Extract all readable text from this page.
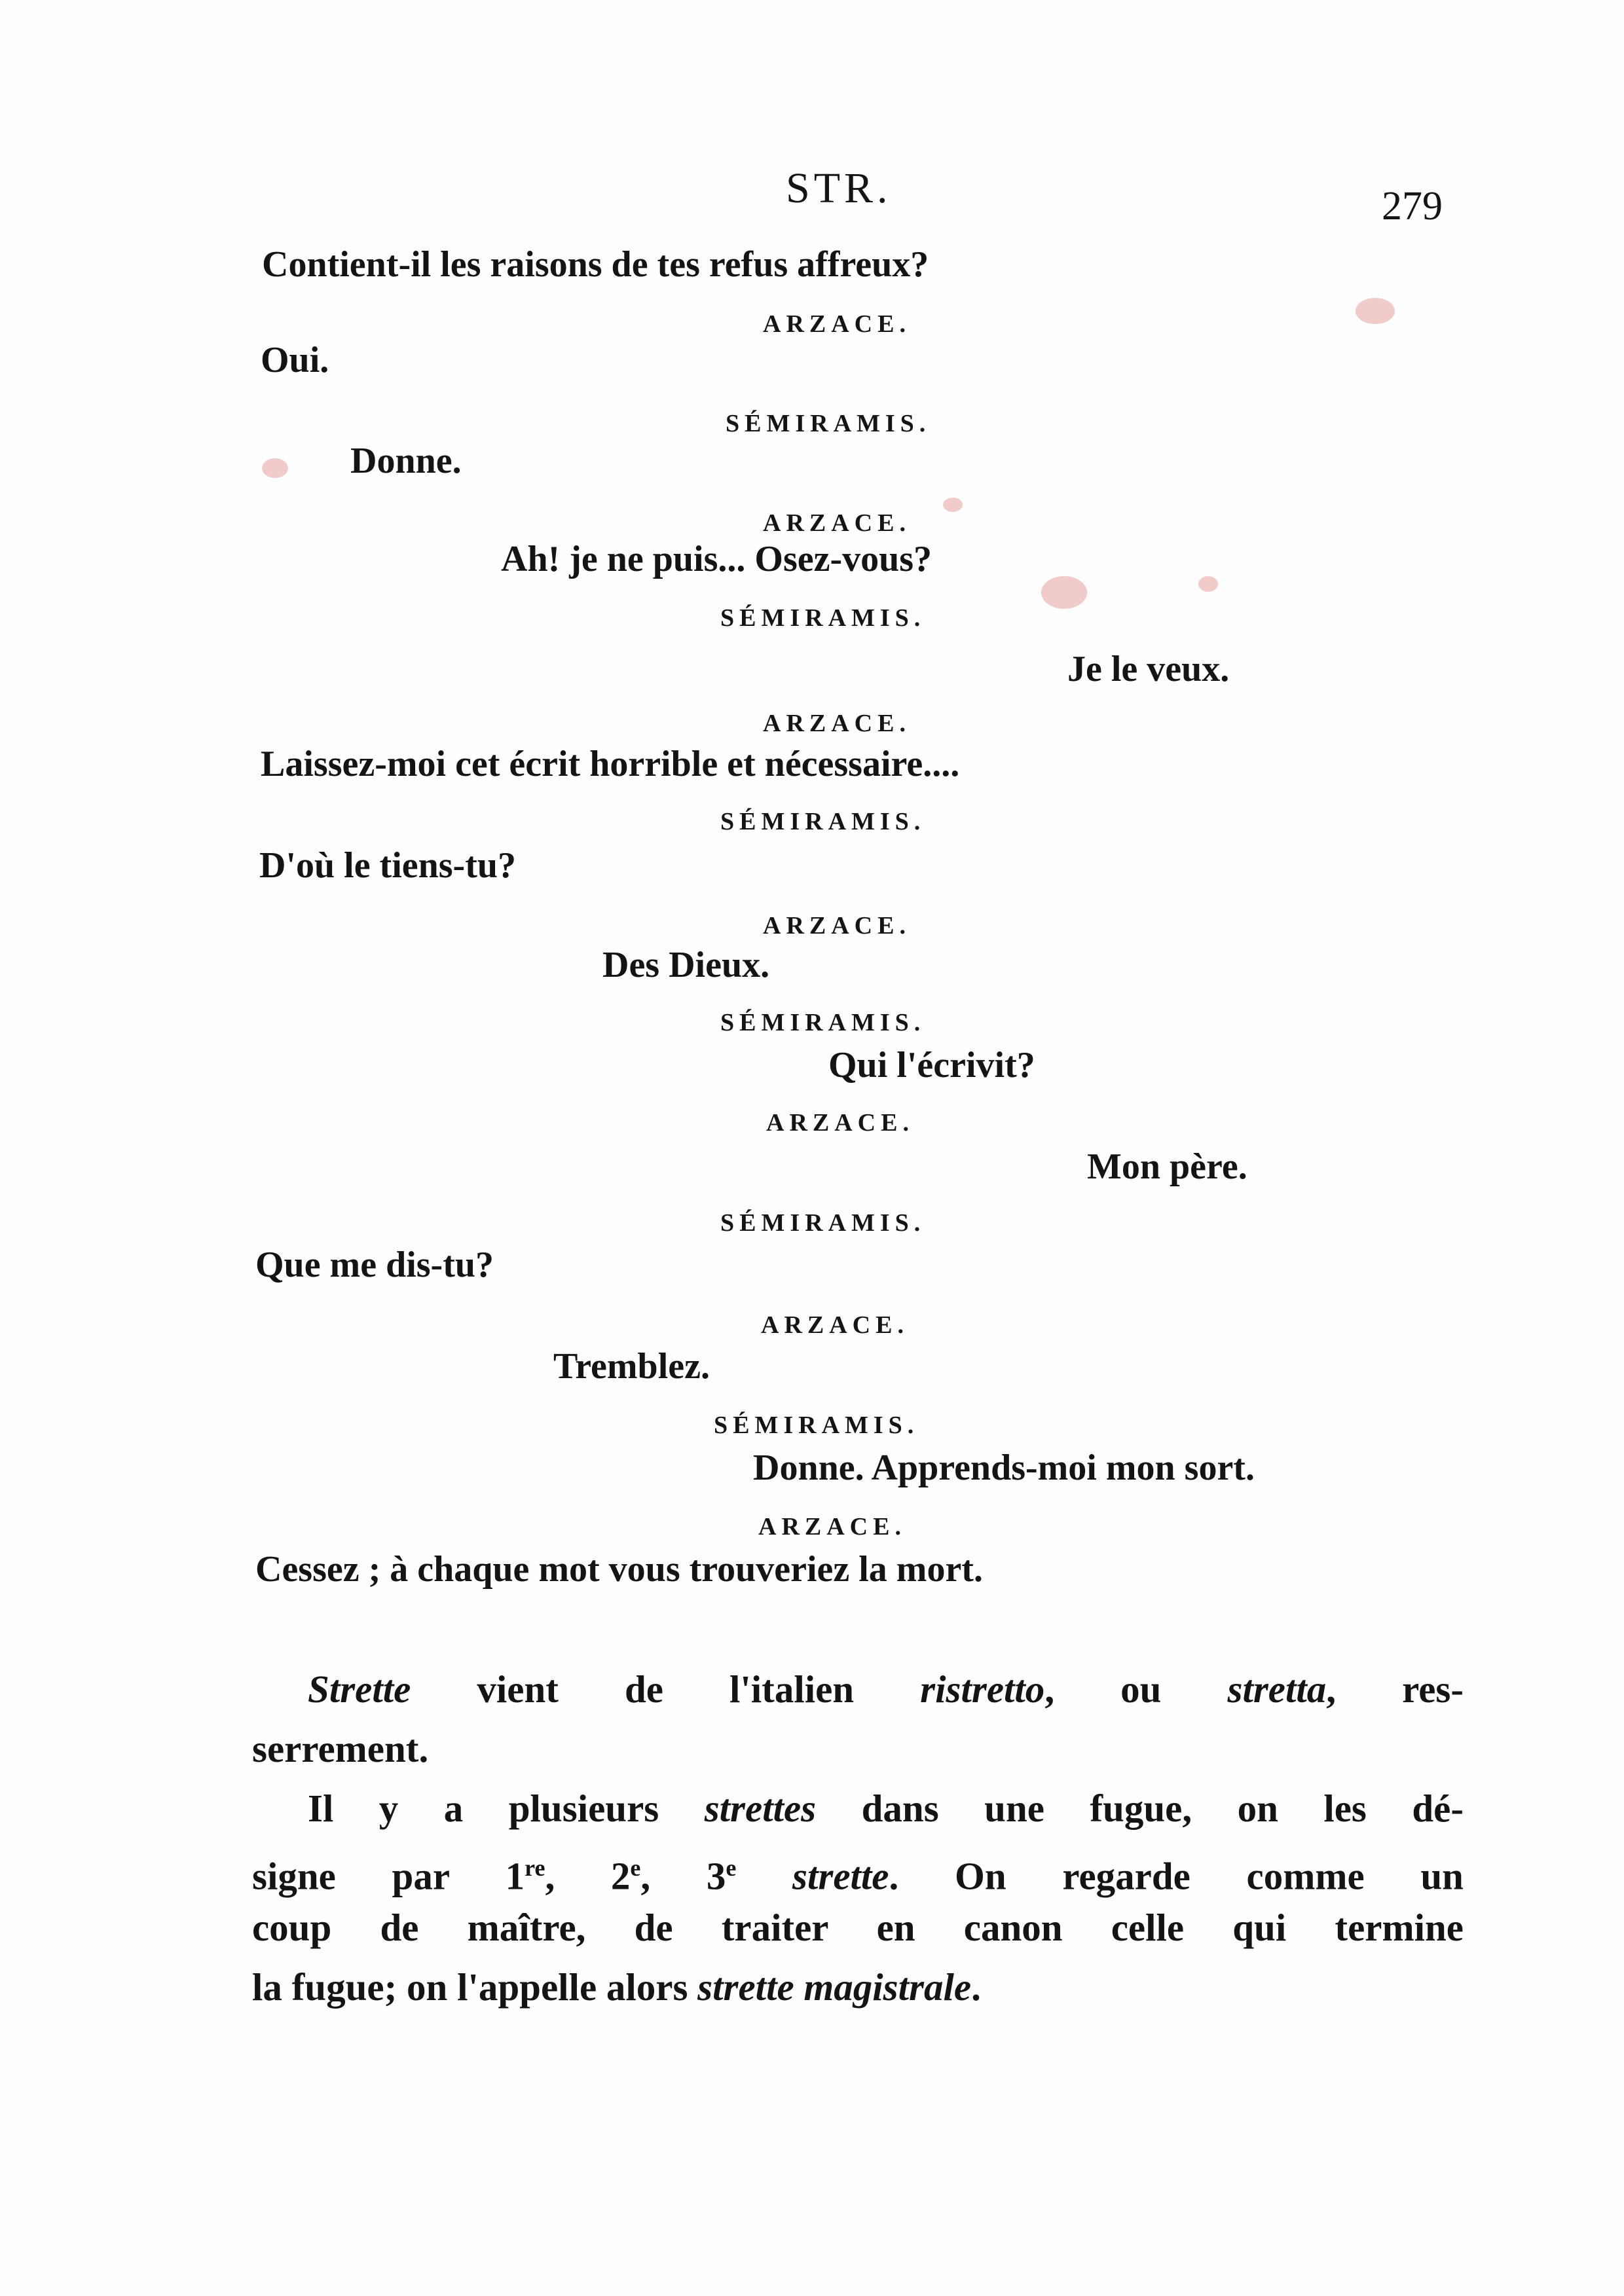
STR.	279
Contient-il les raisons de tes refus affreux?
ARZACE.
Oui.
SÉMIRAMIS.
Donne.
ARZACE.
Ah! je ne puis... Osez-vous?
SÉMIRAMIS.
Je le veux.
ARZACE.
Laissez-moi cet écrit horrible et nécessaire....
SÉMIRAMIS.
D'où le tiens-tu?
ARZACE.
Des Dieux.
SÉMIRAMIS.
Qui l'écrivit?
ARZACE.
Mon père.
SÉMIRAMIS.
Que me dis-tu?
ARZACE.
Tremblez.
SÉMIRAMIS.
Donne. Apprends-moi mon sort.
ARZACE.
Cessez ; à chaque mot vous trouveriez la mort.
Strette vient de l'italien ristretto, ou stretta, res-
serrement.
Il y a plusieurs strettes dans une fugue, on les dé-
signe par 1re, 2e, 3e strette. On regarde comme un
coup de maître, de traiter en canon celle qui termine
la fugue; on l'appelle alors strette magistrale.
